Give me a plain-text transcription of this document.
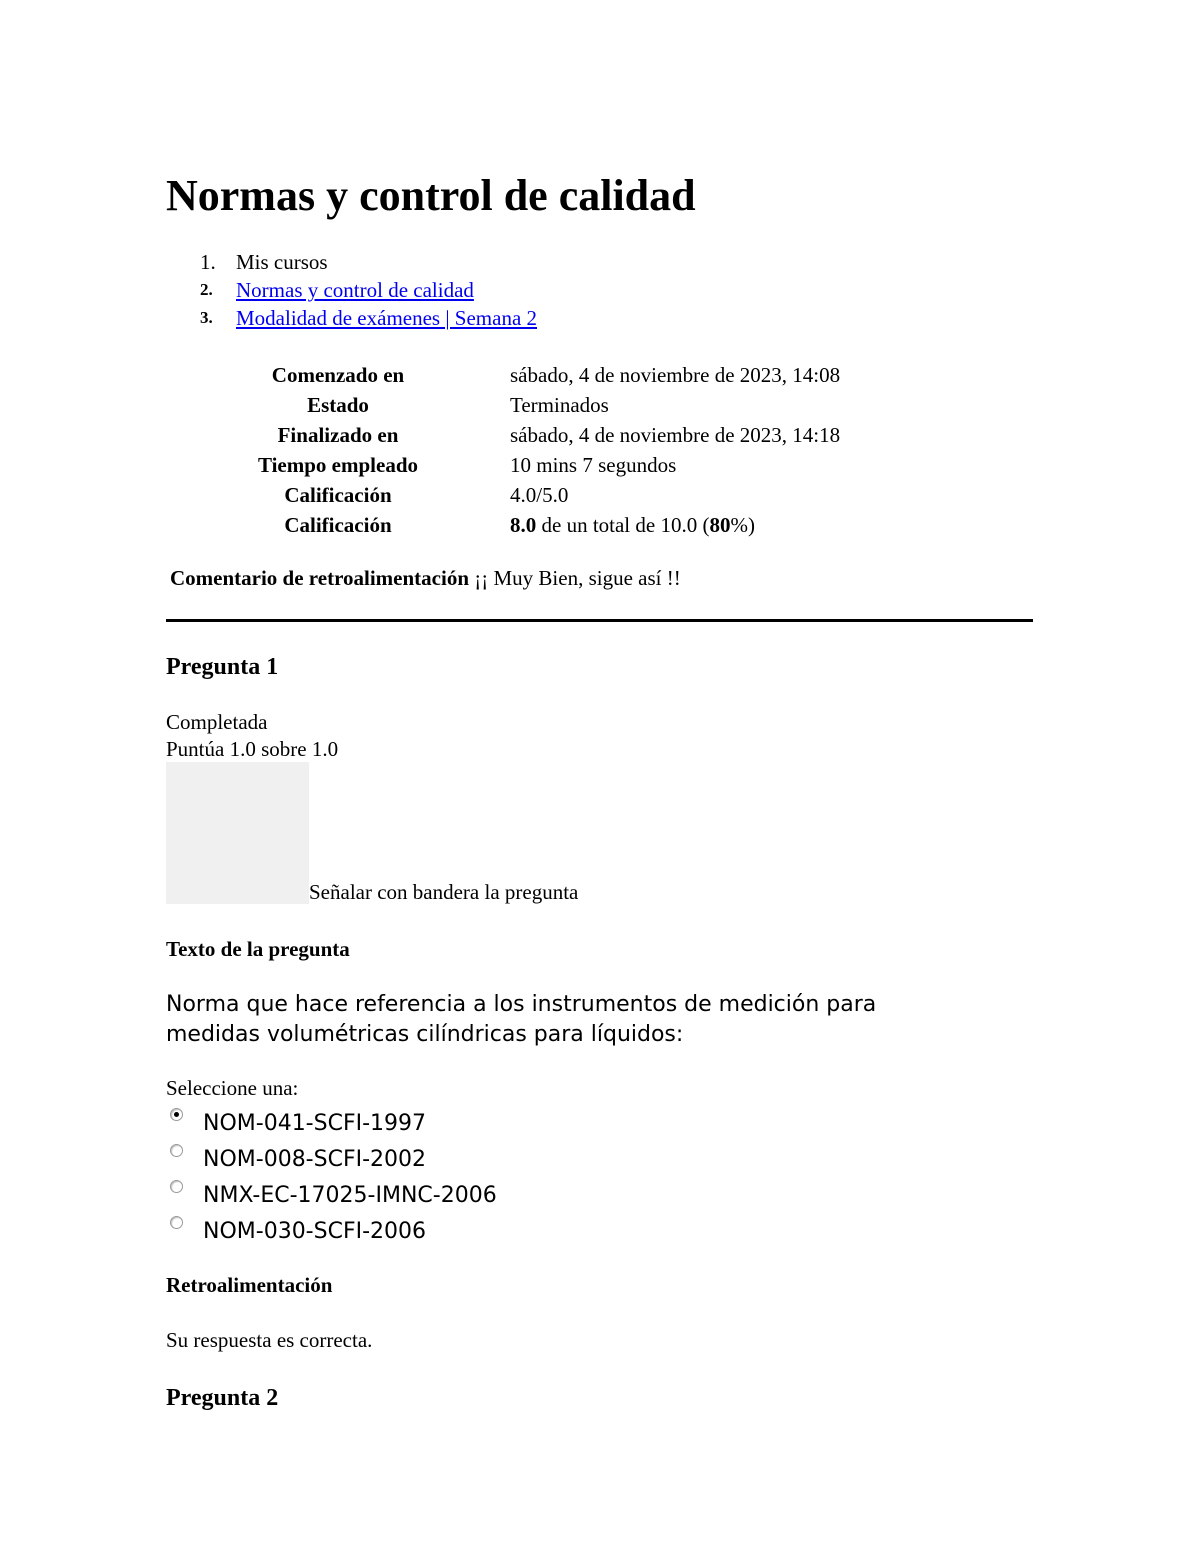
Normas y control de calidad
1. Mis cursos
2.	Normas y control de calidad
3.	Modalidad de exámenes | Semana 2
Comenzado en		sábado, 4 de noviembre de 2023, 14:08
Estado		Terminados
Finalizado en		sábado, 4 de noviembre de 2023, 14:18
Tiempo empleado		10 mins 7 segundos
Calificación		4.0/5.0
Calificación		8.0 de un total de 10.0 (80%)
Comentario de retroalimentación ¡¡ Muy Bien, sigue así !!
Pregunta 1
Completada
Puntúa 1.0 sobre 1.0
Señalar con bandera la pregunta
Texto de la pregunta
Norma que hace referencia a los instrumentos de medición para medidas volumétricas cilíndricas para líquidos:
Seleccione una:
NOM-041-SCFI-1997
NOM-008-SCFI-2002
NMX-EC-17025-IMNC-2006
NOM-030-SCFI-2006
Retroalimentación
Su respuesta es correcta.
Pregunta 2
